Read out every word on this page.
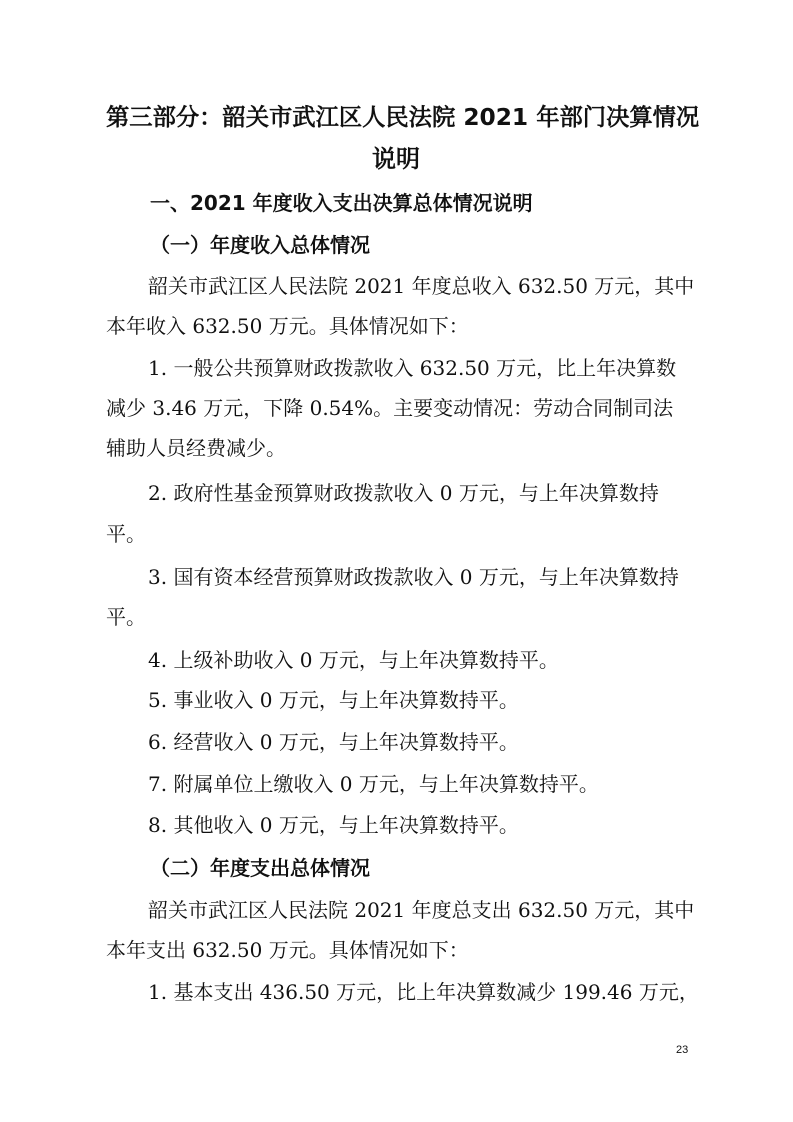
第三部分：韶关市武江区人民法院 2021 年部门决算情况
说明
一、2021 年度收入支出决算总体情况说明
（一）年度收入总体情况
韶关市武江区人民法院 2021 年度总收入 632.50 万元，其中
本年收入 632.50 万元。具体情况如下：
1. 一般公共预算财政拨款收入 632.50 万元，比上年决算数
减少 3.46 万元，下降 0.54%。主要变动情况：劳动合同制司法
辅助人员经费减少。
2. 政府性基金预算财政拨款收入 0 万元，与上年决算数持
平。
3. 国有资本经营预算财政拨款收入 0 万元，与上年决算数持
平。
4. 上级补助收入 0 万元，与上年决算数持平。
5. 事业收入 0 万元，与上年决算数持平。
6. 经营收入 0 万元，与上年决算数持平。
7. 附属单位上缴收入 0 万元，与上年决算数持平。
8. 其他收入 0 万元，与上年决算数持平。
（二）年度支出总体情况
韶关市武江区人民法院 2021 年度总支出 632.50 万元，其中
本年支出 632.50 万元。具体情况如下：
1. 基本支出 436.50 万元，比上年决算数减少 199.46 万元，
23
